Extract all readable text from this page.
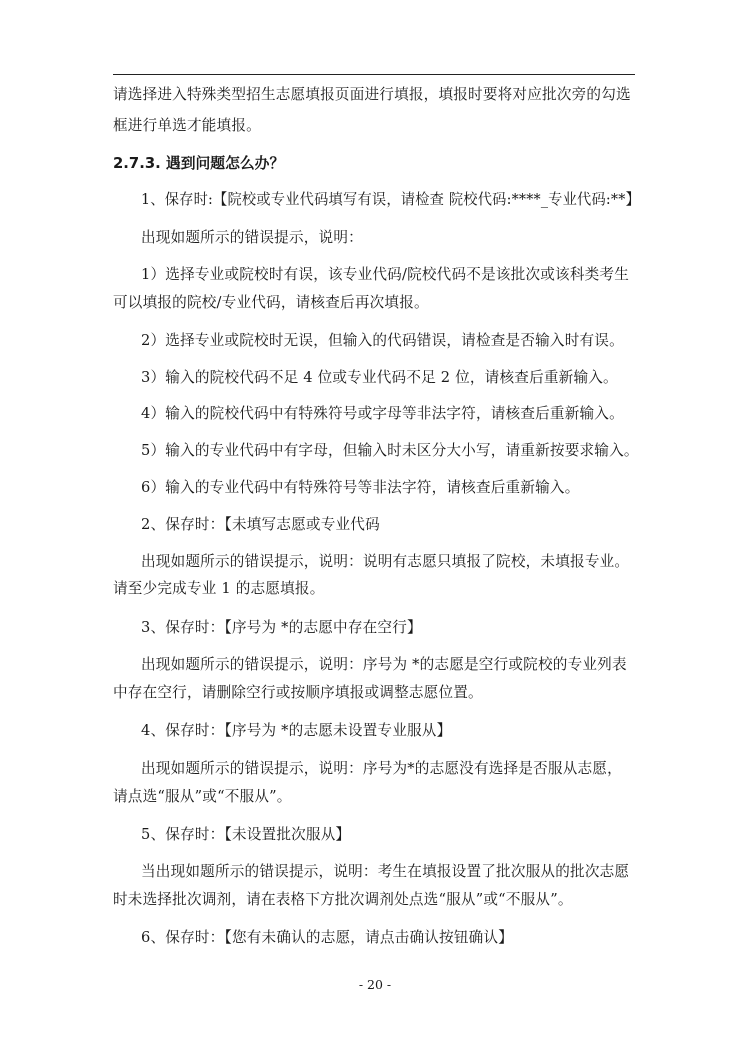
请选择进入特殊类型招生志愿填报页面进行填报，填报时要将对应批次旁的勾选
框进行单选才能填报。
2.7.3. 遇到问题怎么办？
1、保存时:【院校或专业代码填写有误，请检查 院校代码:****_专业代码:**】
出现如题所示的错误提示，说明：
1）选择专业或院校时有误，该专业代码/院校代码不是该批次或该科类考生
可以填报的院校/专业代码，请核查后再次填报。
2）选择专业或院校时无误，但输入的代码错误，请检查是否输入时有误。
3）输入的院校代码不足 4 位或专业代码不足 2 位，请核查后重新输入。
4）输入的院校代码中有特殊符号或字母等非法字符，请核查后重新输入。
5）输入的专业代码中有字母，但输入时未区分大小写，请重新按要求输入。
6）输入的专业代码中有特殊符号等非法字符，请核查后重新输入。
2、保存时：【未填写志愿或专业代码
出现如题所示的错误提示，说明：说明有志愿只填报了院校，未填报专业。
请至少完成专业 1 的志愿填报。
3、保存时：【序号为 *的志愿中存在空行】
出现如题所示的错误提示，说明：序号为 *的志愿是空行或院校的专业列表
中存在空行，请删除空行或按顺序填报或调整志愿位置。
4、保存时：【序号为 *的志愿未设置专业服从】
出现如题所示的错误提示，说明：序号为*的志愿没有选择是否服从志愿，
请点选“服从”或“不服从”。
5、保存时：【未设置批次服从】
当出现如题所示的错误提示，说明：考生在填报设置了批次服从的批次志愿
时未选择批次调剂，请在表格下方批次调剂处点选“服从”或“不服从”。
6、保存时：【您有未确认的志愿，请点击确认按钮确认】
- 20 -
